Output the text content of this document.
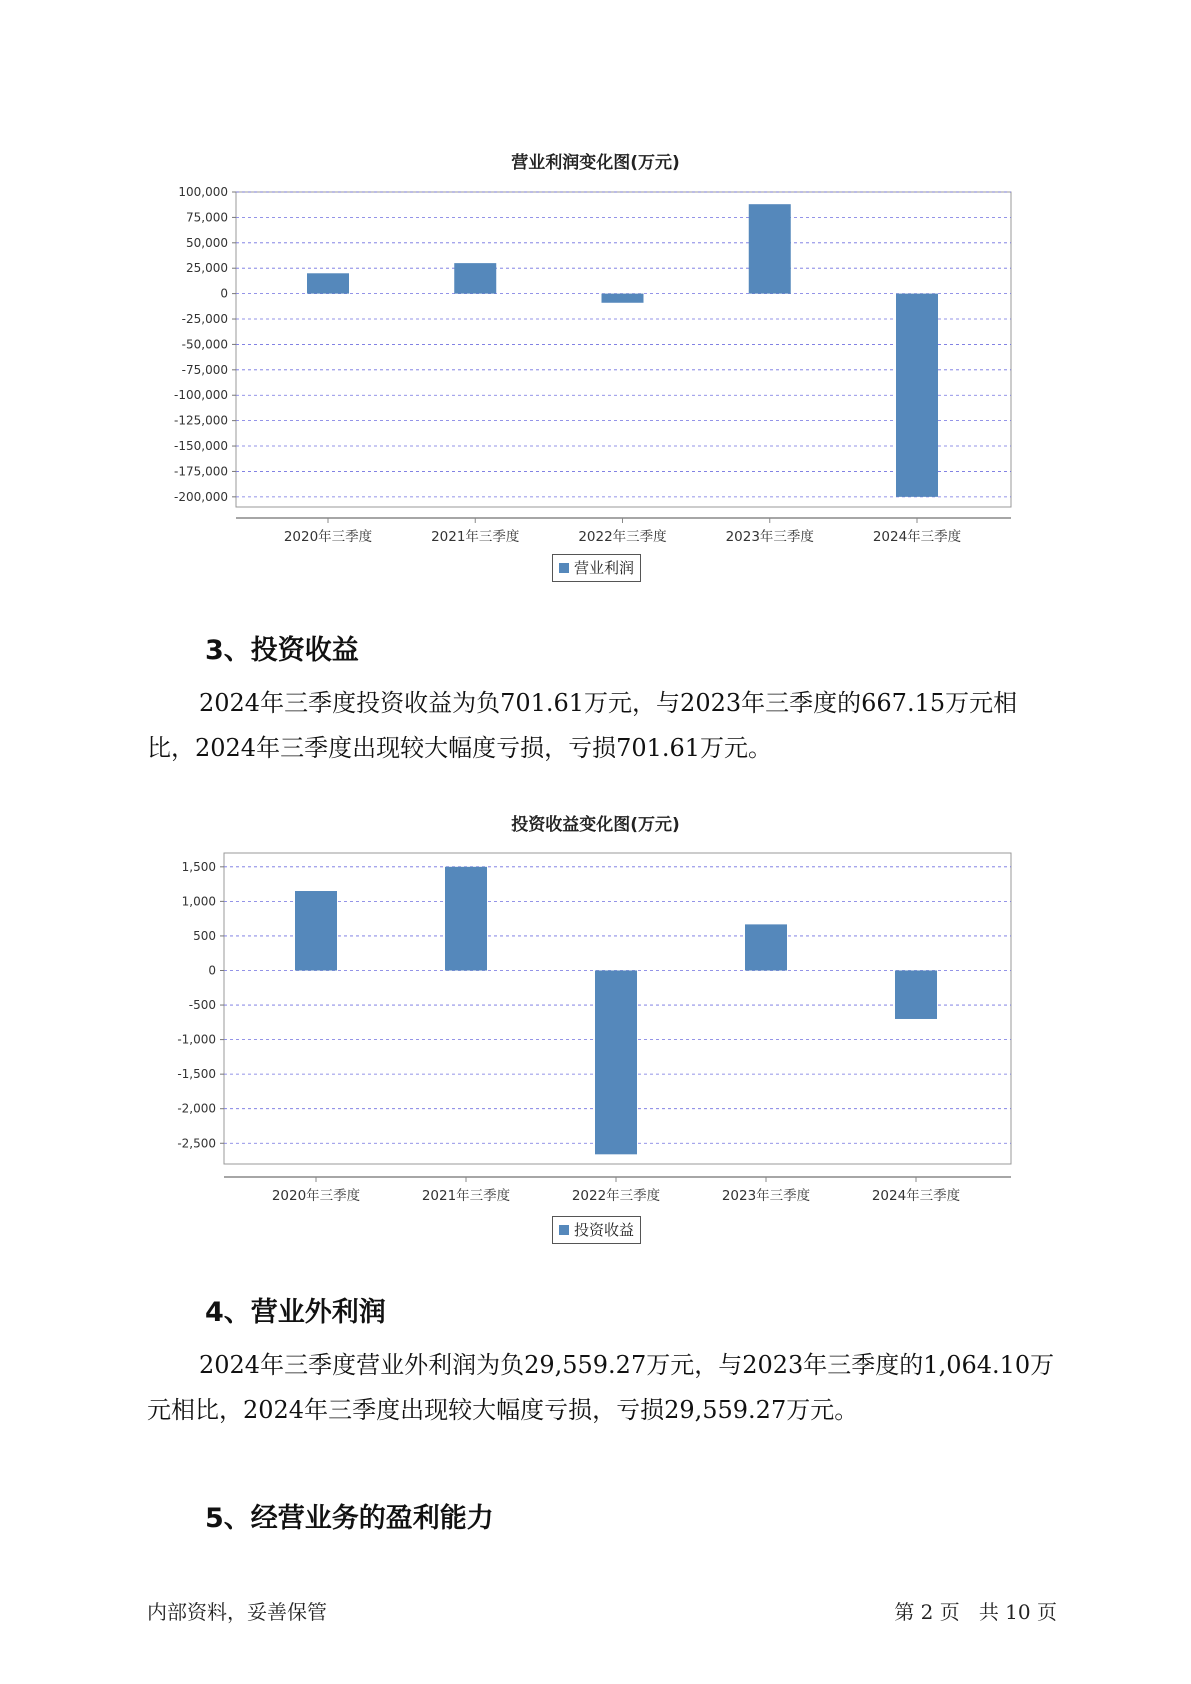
营业利润变化图(万元)
100,000
75,000
50,000
25,000
0
-25,000
-50,000
-75,000
-100,000
-125,000
-150,000
-175,000
-200,000
2020年三季度	2021年三季度	2022年三季度	2023年三季度	2024年三季度
营业利润
3、投资收益

2024年三季度投资收益为负701.61万元，与2023年三季度的667.15万元相比，2024年三季度出现较大幅度亏损，亏损701.61万元。

投资收益变化图(万元)
1,500
1,000
500
0
-500
-1,000
-1,500
-2,000
-2,500
2020年三季度	2021年三季度	2022年三季度	2023年三季度	2024年三季度
投资收益
4、营业外利润

2024年三季度营业外利润为负29,559.27万元，与2023年三季度的1,064.10万元相比，2024年三季度出现较大幅度亏损，亏损29,559.27万元。

5、经营业务的盈利能力
内部资料，妥善保管	第 2 页   共 10 页
